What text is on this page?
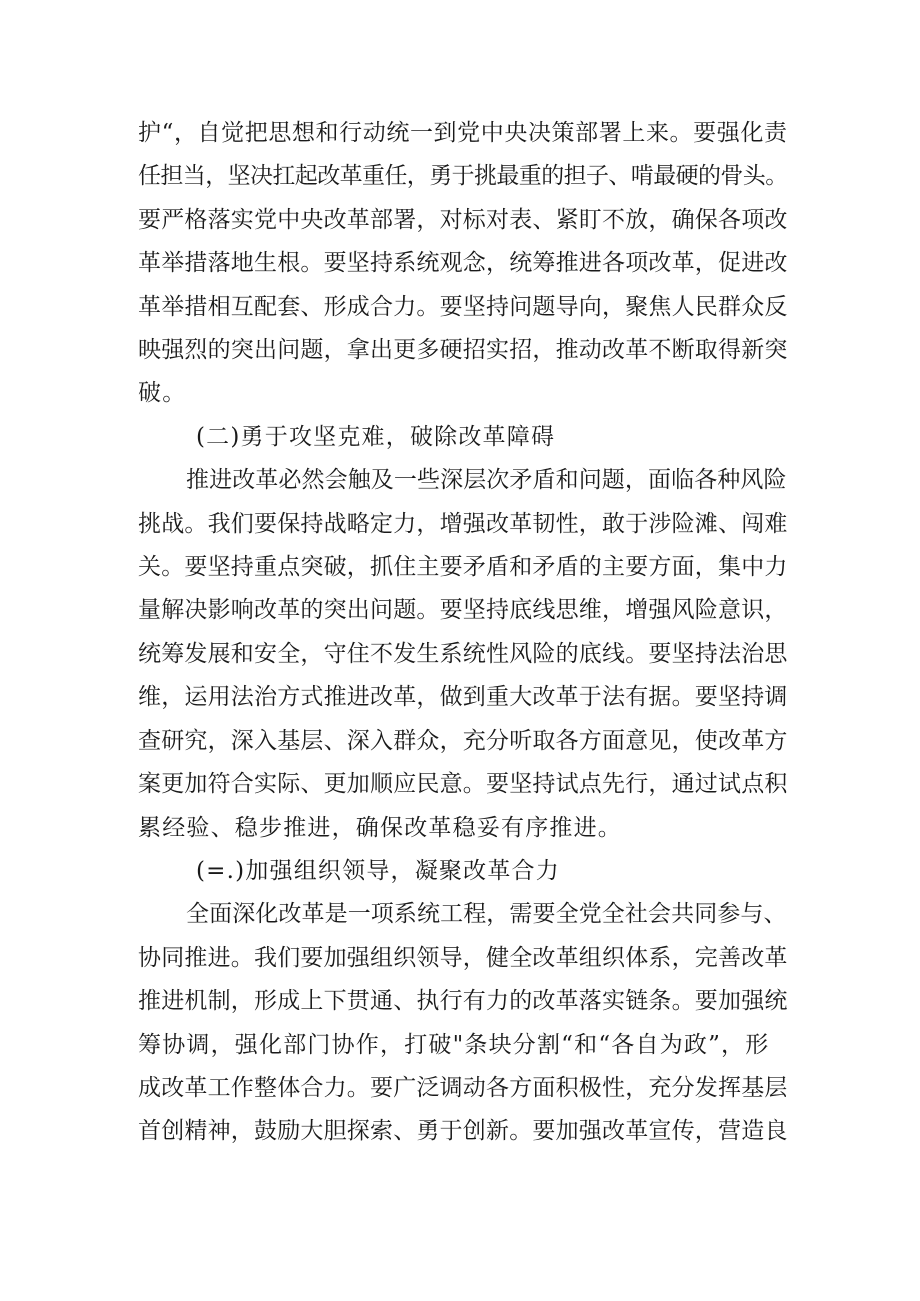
护“，自觉把思想和行动统一到党中央决策部署上来。要强化责
任担当，坚决扛起改革重任，勇于挑最重的担子、啃最硬的骨头。
要严格落实党中央改革部署，对标对表、紧盯不放，确保各项改
革举措落地生根。要坚持系统观念，统筹推进各项改革，促进改
革举措相互配套、形成合力。要坚持问题导向，聚焦人民群众反
映强烈的突出问题，拿出更多硬招实招，推动改革不断取得新突
破。

(二)勇于攻坚克难，破除改革障碍

推进改革必然会触及一些深层次矛盾和问题，面临各种风险
挑战。我们要保持战略定力，增强改革韧性，敢于涉险滩、闯难
关。要坚持重点突破，抓住主要矛盾和矛盾的主要方面，集中力
量解决影响改革的突出问题。要坚持底线思维，增强风险意识，
统筹发展和安全，守住不发生系统性风险的底线。要坚持法治思
维，运用法治方式推进改革，做到重大改革于法有据。要坚持调
查研究，深入基层、深入群众，充分听取各方面意见，使改革方
案更加符合实际、更加顺应民意。要坚持试点先行，通过试点积
累经验、稳步推进，确保改革稳妥有序推进。

(=.)加强组织领导，凝聚改革合力

全面深化改革是一项系统工程，需要全党全社会共同参与、
协同推进。我们要加强组织领导，健全改革组织体系，完善改革
推进机制，形成上下贯通、执行有力的改革落实链条。要加强统
筹协调，强化部门协作，打破"条块分割“和“各自为政”，形
成改革工作整体合力。要广泛调动各方面积极性，充分发挥基层
首创精神，鼓励大胆探索、勇于创新。要加强改革宣传，营造良
